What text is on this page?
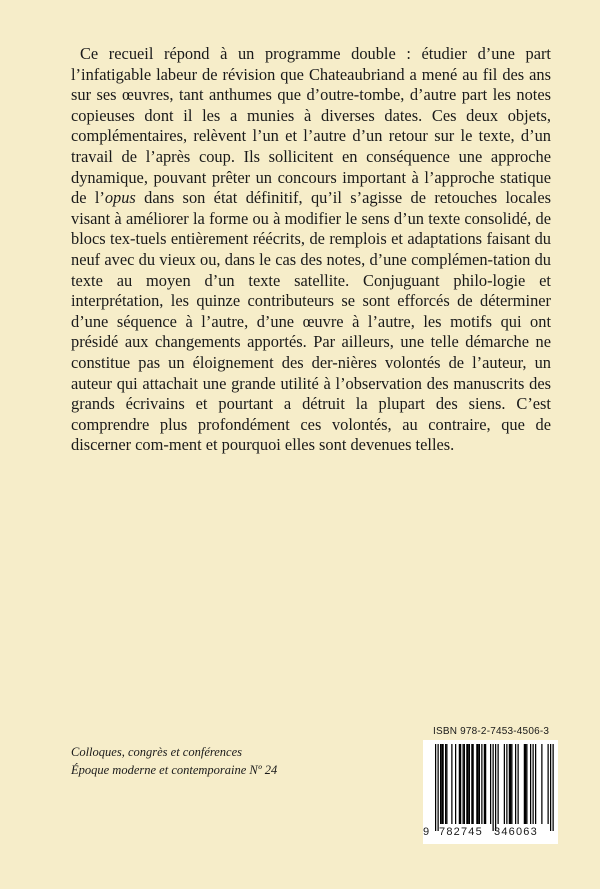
Ce recueil répond à un programme double : étudier d’une part l’infatigable labeur de révision que Chateaubriand a mené au fil des ans sur ses œuvres, tant anthumes que d’outre-tombe, d’autre part les notes copieuses dont il les a munies à diverses dates. Ces deux objets, complémentaires, relèvent l’un et l’autre d’un retour sur le texte, d’un travail de l’après coup. Ils sollicitent en conséquence une approche dynamique, pouvant prêter un concours important à l’approche statique de l’opus dans son état définitif, qu’il s’agisse de retouches locales visant à améliorer la forme ou à modifier le sens d’un texte consolidé, de blocs tex-tuels entièrement réécrits, de remplois et adaptations faisant du neuf avec du vieux ou, dans le cas des notes, d’une complémen-tation du texte au moyen d’un texte satellite. Conjuguant philo-logie et interprétation, les quinze contributeurs se sont efforcés de déterminer d’une séquence à l’autre, d’une œuvre à l’autre, les motifs qui ont présidé aux changements apportés. Par ailleurs, une telle démarche ne constitue pas un éloignement des der-nières volontés de l’auteur, un auteur qui attachait une grande utilité à l’observation des manuscrits des grands écrivains et pourtant a détruit la plupart des siens. C’est comprendre plus profondément ces volontés, au contraire, que de discerner com-ment et pourquoi elles sont devenues telles.

Colloques, congrès et conférences
Époque moderne et contemporaine Nº 24
ISBN 978-2-7453-4506-3
9 782745 346063
